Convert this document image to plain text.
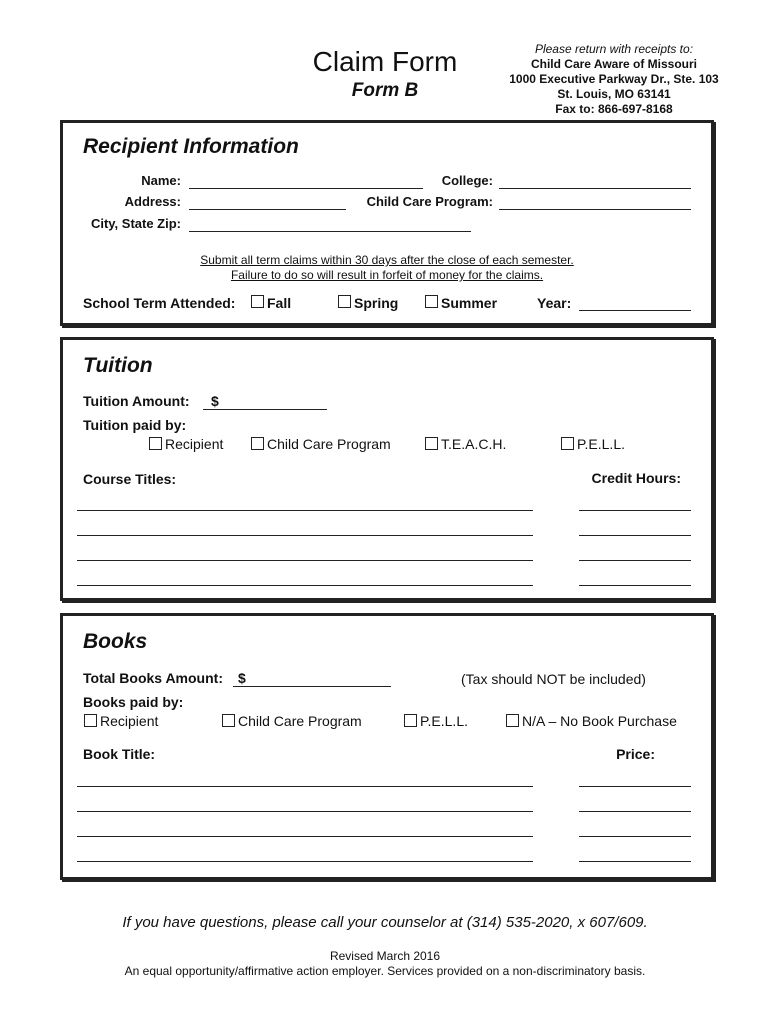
Claim Form
Form B
Please return with receipts to:
Child Care Aware of Missouri
1000 Executive Parkway Dr., Ste. 103
St. Louis, MO 63141
Fax to: 866-697-8168
Recipient Information
Name:	College:
Address:	Child Care Program:
City, State Zip:
Submit all term claims within 30 days after the close of each semester.
Failure to do so will result in forfeit of money for the claims.
School Term Attended: Fall	Spring	Summer	Year:
Tuition
Tuition Amount: $
Tuition paid by:
Recipient	Child Care Program	T.E.A.C.H.	P.E.L.L.
Course Titles:	Credit Hours:
Books
Total Books Amount: $	(Tax should NOT be included)
Books paid by:
Recipient	Child Care Program	P.E.L.L.	N/A – No Book Purchase
Book Title:	Price:
If you have questions, please call your counselor at (314) 535-2020, x 607/609.
Revised March 2016
An equal opportunity/affirmative action employer. Services provided on a non-discriminatory basis.
